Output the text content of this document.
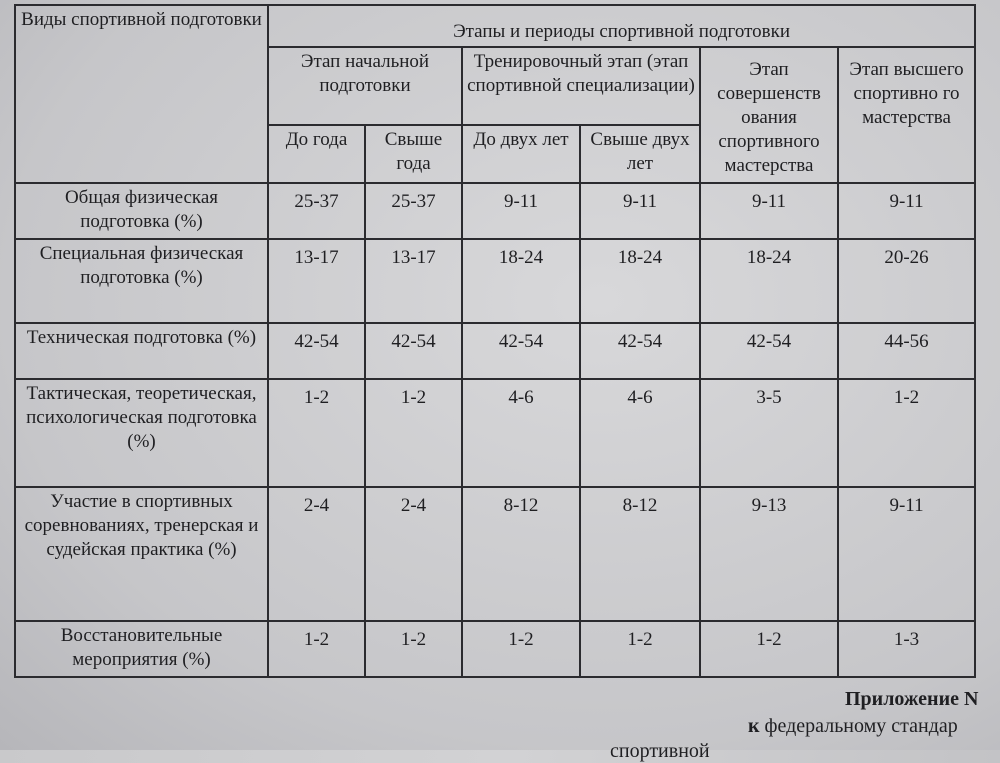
Виды спортивной подготовки	Этапы и периоды спортивной подготовки					
	Этап начальной подготовки		Тренировочный этап (этап спортивной специализации)		Этап совершенств ования спортивного мастерства	Этап высшего спортивно го мастерства
	До года	Свыше года	До двух лет	Свыше двух лет		
Общая физическая подготовка (%)	25-37	25-37	9-11	9-11	9-11	9-11
Специальная физическая подготовка (%)	13-17	13-17	18-24	18-24	18-24	20-26
Техническая подготовка (%)	42-54	42-54	42-54	42-54	42-54	44-56
Тактическая, теоретическая, психологическая подготовка (%)	1-2	1-2	4-6	4-6	3-5	1-2
Участие в спортивных соревнованиях, тренерская и судейская практика (%)	2-4	2-4	8-12	8-12	9-13	9-11
Восстановительные мероприятия (%)	1-2	1-2	1-2	1-2	1-2	1-3
Приложение N
к федеральному стандар
спортивной
